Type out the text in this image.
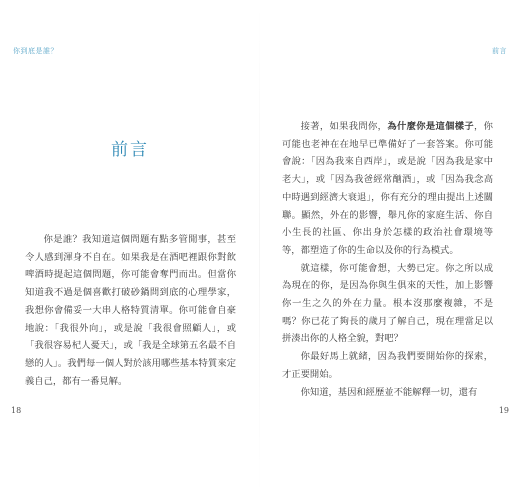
你到底是誰？
前言

你是誰？我知道這個問題有點多管閒事，甚至令人感到渾身不自在。如果我是在酒吧裡跟你對飲啤酒時提起這個問題，你可能會奪門而出。但當你知道我不過是個喜歡打破砂鍋問到底的心理學家，我想你會備妥一大串人格特質清單。你可能會自豪地說：「我很外向」，或是說「我很會照顧人」，或「我很容易杞人憂天」，或「我是全球第五名最不自戀的人」。我們每一個人對於該用哪些基本特質來定義自己，都有一番見解。

18
前言

接著，如果我問你，為什麼你是這個樣子，你可能也老神在在地早已準備好了一套答案。你可能會說：「因為我來自西岸」，或是說「因為我是家中老大」，或「因為我爸經常酗酒」，或「因為我念高中時遇到經濟大衰退」，你有充分的理由提出上述關聯。顯然，外在的影響，舉凡你的家庭生活、你自小生長的社區、你出身於怎樣的政治社會環境等等，都塑造了你的生命以及你的行為模式。

就這樣，你可能會想，大勢已定。你之所以成為現在的你，是因為你與生俱來的天性，加上影響你一生之久的外在力量。根本沒那麼複雜，不是嗎？你已花了夠長的歲月了解自己，現在理當足以拼湊出你的人格全貌，對吧？

你最好馬上就緒，因為我們要開始你的探索，才正要開始。

你知道，基因和經歷並不能解釋一切，還有

19
